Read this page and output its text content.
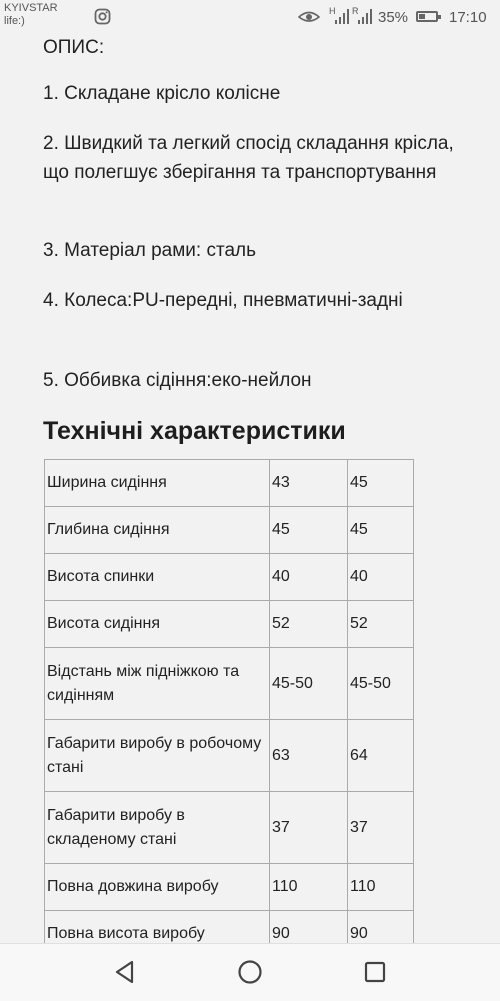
ОПИС:

1. Складане крісло колісне

2. Швидкий та легкий спосід складання крісла, що полегшує зберігання та транспортування

3. Матеріал рами: сталь

4. Колеса:PU-передні, пневматичні-задні

5. Оббивка сідіння:еко-нейлон

Технічні характеристики
Ширина сидіння	43	45
Глибина сидіння	45	45
Висота спинки	40	40
Висота сидіння	52	52
Відстань між підніжкою та сидінням	45-50	45-50
Габарити виробу в робочому стані	63	64
Габарити виробу в складеному стані	37	37
Повна довжина виробу	110	110
Повна висота виробу	90	90
KYIVSTAR
life:)
H R 35%	17:10
